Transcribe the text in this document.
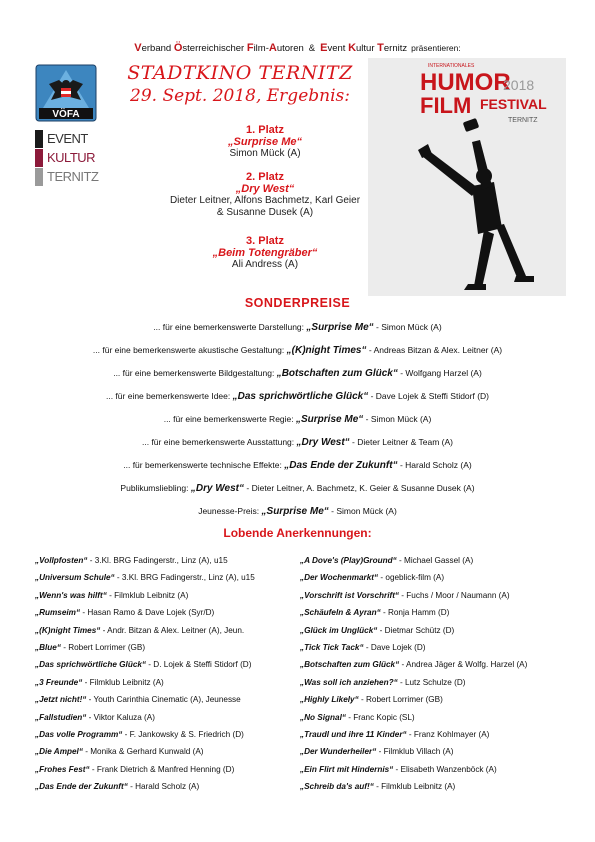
Verband Österreichischer Film-Autoren & Event Kultur Ternitz präsentieren:
VÖFA
EVENT
KULTUR
TERNITZ
STADTKINO TERNITZ
29. Sept. 2018, Ergebnis:
1. Platz
„Surprise Me“
Simon Mück (A)
2. Platz
„Dry West“
Dieter Leitner, Alfons Bachmetz, Karl Geier
& Susanne Dusek (A)
3. Platz
„Beim Totengräber“
Ali Andress (A)
INTERNATIONALES
HUMOR
2018
FILM FESTIVAL
TERNITZ
SONDERPREISE
... für eine bemerkenswerte Darstellung: „Surprise Me“ - Simon Mück (A)
... für eine bemerkenswerte akustische Gestaltung: „(K)night Times“ - Andreas Bitzan & Alex. Leitner (A)
... für eine bemerkenswerte Bildgestaltung: „Botschaften zum Glück“ - Wolfgang Harzel (A)
... für eine bemerkenswerte Idee: „Das sprichwörtliche Glück“ - Dave Lojek & Steffi Stidorf (D)
... für eine bemerkenswerte Regie: „Surprise Me“ - Simon Mück (A)
... für eine bemerkenswerte Ausstattung: „Dry West“ - Dieter Leitner & Team (A)
... für bemerkenswerte technische Effekte: „Das Ende der Zukunft“ - Harald Scholz (A)
Publikumsliebling: „Dry West“ - Dieter Leitner, A. Bachmetz, K. Geier & Susanne Dusek (A)
Jeunesse-Preis: „Surprise Me“ - Simon Mück (A)
Lobende Anerkennungen:
„Vollpfosten“ - 3.Kl. BRG Fadingerstr., Linz (A), u15
„Universum Schule“ - 3.Kl. BRG Fadingerstr., Linz (A), u15
„Wenn's was hilft“ - Filmklub Leibnitz (A)
„Rumseim“ - Hasan Ramo & Dave Lojek (Syr/D)
„(K)night Times“ - Andr. Bitzan & Alex. Leitner (A), Jeun.
„Blue“ - Robert Lorrimer (GB)
„Das sprichwörtliche Glück“ - D. Lojek & Steffi Stidorf (D)
„3 Freunde“ - Filmklub Leibnitz (A)
„Jetzt nicht!“ - Youth Carinthia Cinematic (A), Jeunesse
„Fallstudien“ - Viktor Kaluza (A)
„Das volle Programm“ - F. Jankowsky & S. Friedrich (D)
„Die Ampel“ - Monika & Gerhard Kunwald (A)
„Frohes Fest“ - Frank Dietrich & Manfred Henning (D)
„Das Ende der Zukunft“ - Harald Scholz (A)
„A Dove's (Play)Ground“ - Michael Gassel (A)
„Der Wochenmarkt“ - ogeblick-film (A)
„Vorschrift ist Vorschrift“ - Fuchs / Moor / Naumann (A)
„Schäufeln & Ayran“ - Ronja Hamm (D)
„Glück im Unglück“ - Dietmar Schütz (D)
„Tick Tick Tack“ - Dave Lojek (D)
„Botschaften zum Glück“ - Andrea Jäger & Wolfg. Harzel (A)
„Was soll ich anziehen?“ - Lutz Schulze (D)
„Highly Likely“ - Robert Lorrimer (GB)
„No Signal“ - Franc Kopic (SL)
„Traudl und ihre 11 Kinder“ - Franz Kohlmayer (A)
„Der Wunderheiler“ - Filmklub Villach (A)
„Ein Flirt mit Hindernis“ - Elisabeth Wanzenböck (A)
„Schreib da's auf!“ - Filmklub Leibnitz (A)
